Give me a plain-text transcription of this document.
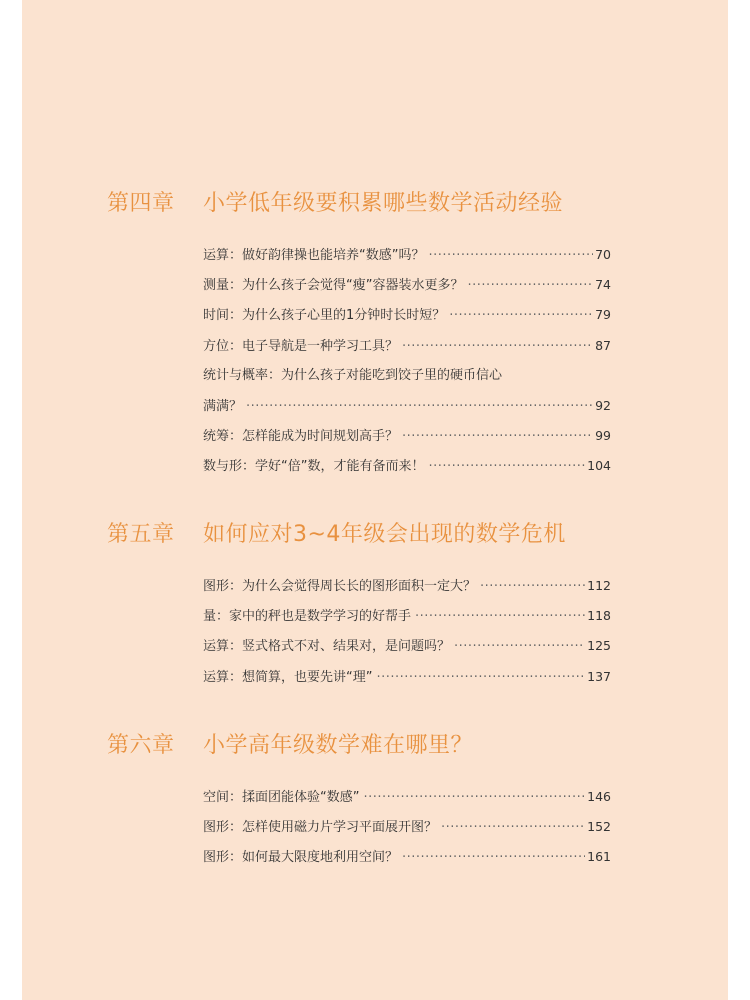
第四章 小学低年级要积累哪些数学活动经验
运算：做好韵律操也能培养“数感”吗？ ·····	70
测量：为什么孩子会觉得“瘦”容器装水更多？ ·····	74
时间：为什么孩子心里的1分钟时长时短？ ·····	79
方位：电子导航是一种学习工具？ ·····	87
统计与概率：为什么孩子对能吃到饺子里的硬币信心
满满？ ·····	92
统筹：怎样能成为时间规划高手？ ·····	99
数与形：学好“倍”数，才能有备而来！ ·····	104
第五章 如何应对3~4年级会出现的数学危机
图形：为什么会觉得周长长的图形面积一定大？ ·····	112
量：家中的秤也是数学学习的好帮手 ·····	118
运算：竖式格式不对、结果对，是问题吗？ ·····	125
运算：想简算，也要先讲“理” ·····	137
第六章 小学高年级数学难在哪里？
空间：揉面团能体验“数感” ·····	146
图形：怎样使用磁力片学习平面展开图？ ·····	152
图形：如何最大限度地利用空间？ ·····	161
